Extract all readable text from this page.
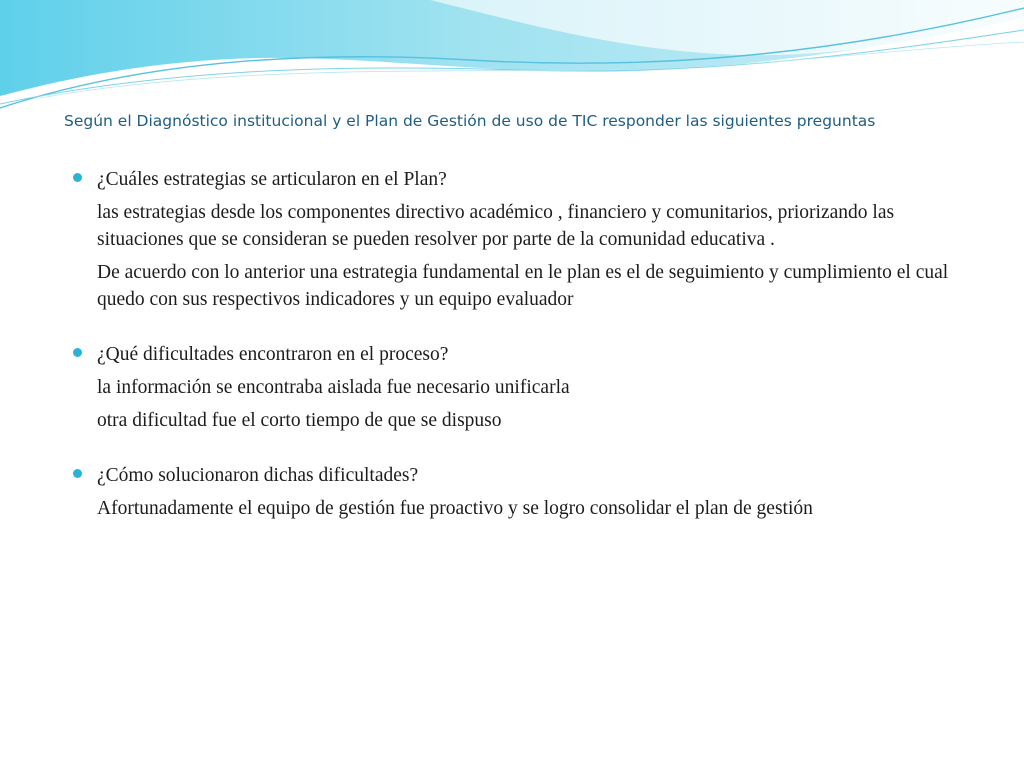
Según el Diagnóstico institucional y el Plan de Gestión de uso de TIC responder las siguientes preguntas

¿Cuáles estrategias se articularon en el Plan?

las estrategias desde los componentes directivo académico , financiero y comunitarios, priorizando las situaciones que se consideran se pueden resolver por parte de la comunidad educativa .

De acuerdo con lo anterior una estrategia fundamental en le plan es el de seguimiento y cumplimiento el cual quedo con sus respectivos indicadores y un equipo evaluador

¿Qué dificultades encontraron en el proceso?

la información se encontraba aislada fue necesario unificarla

otra dificultad fue el corto tiempo de que se dispuso

¿Cómo solucionaron dichas dificultades?

Afortunadamente el equipo de gestión fue proactivo y se logro consolidar el plan de gestión
